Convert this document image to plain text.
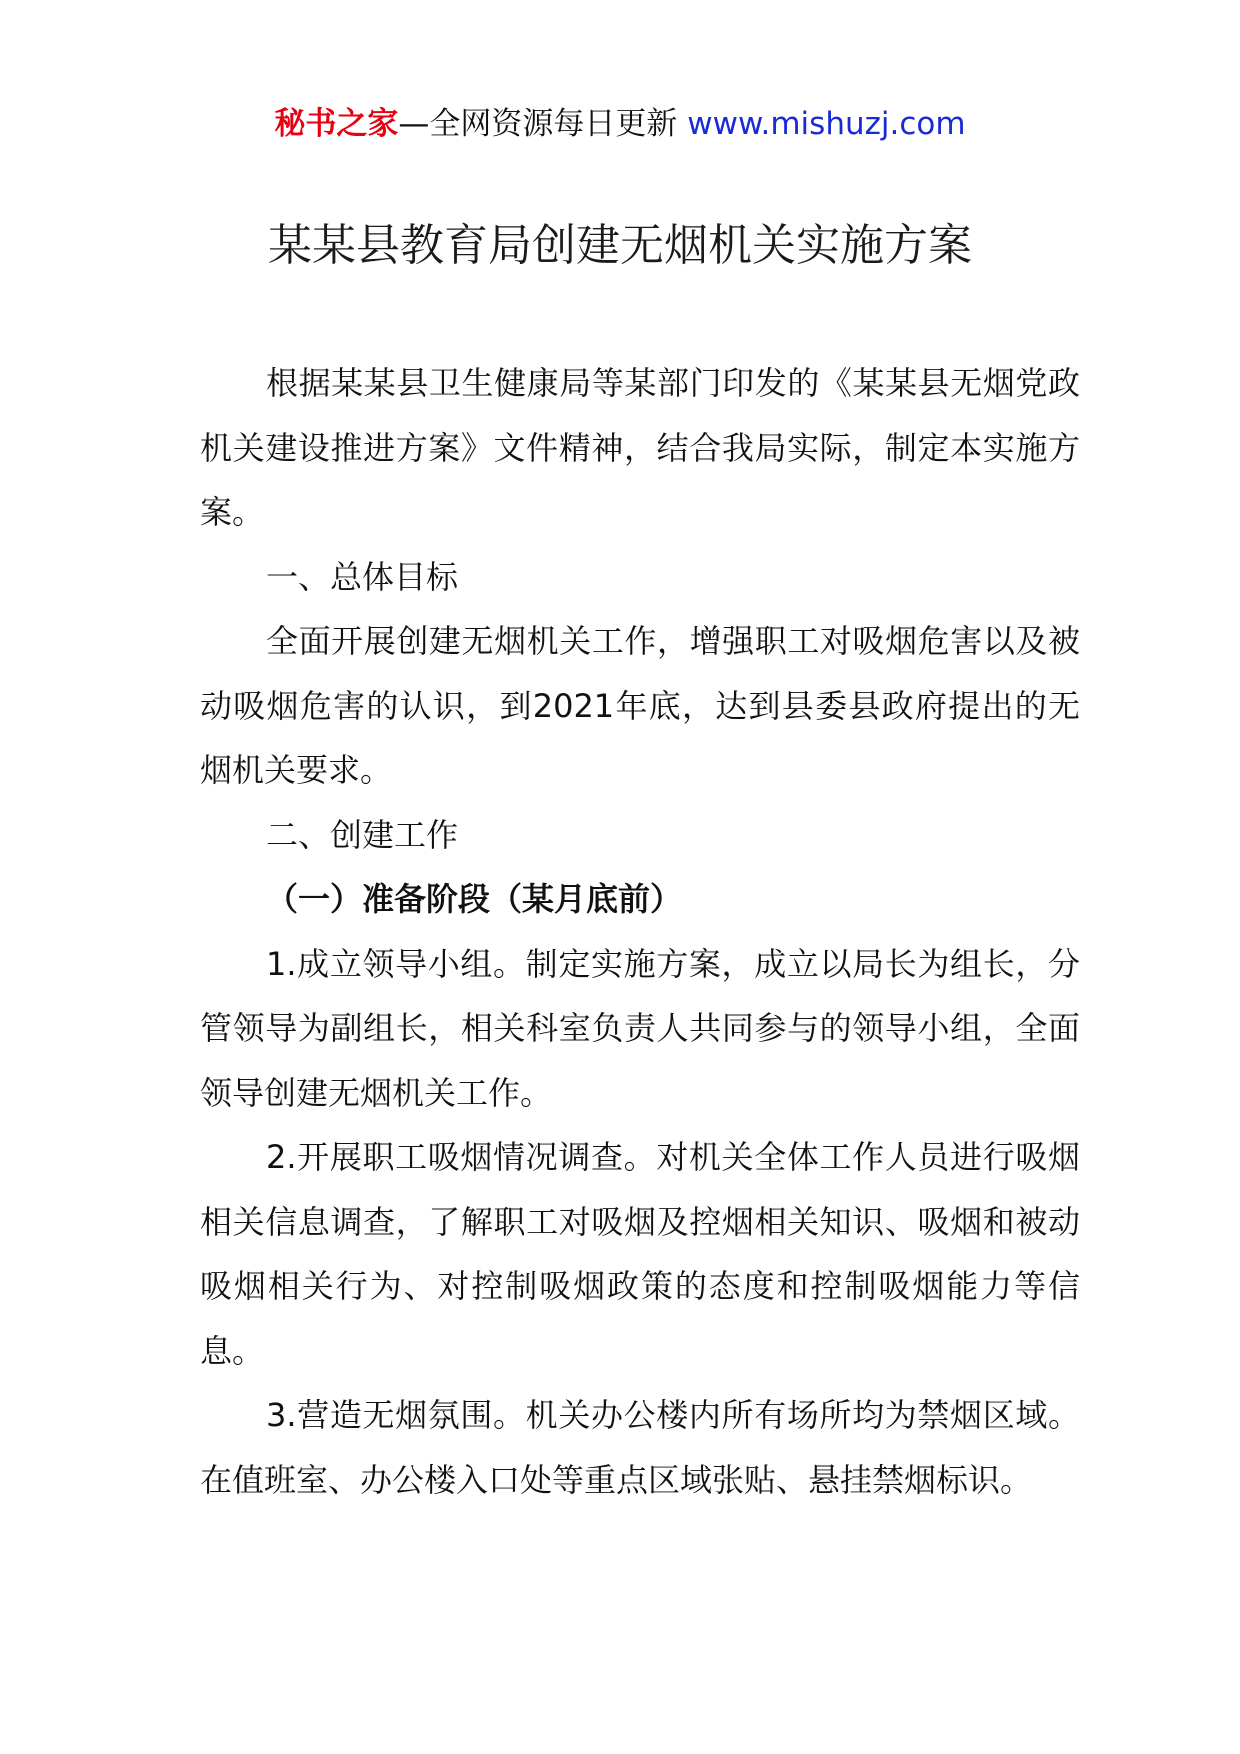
秘书之家—全网资源每日更新 www.mishuzj.com
某某县教育局创建无烟机关实施方案

根据某某县卫生健康局等某部门印发的《某某县无烟党政机关建设推进方案》文件精神，结合我局实际，制定本实施方案。

一、总体目标

全面开展创建无烟机关工作，增强职工对吸烟危害以及被动吸烟危害的认识，到2021年底，达到县委县政府提出的无烟机关要求。

二、创建工作

（一）准备阶段（某月底前）

1.成立领导小组。制定实施方案，成立以局长为组长，分管领导为副组长，相关科室负责人共同参与的领导小组，全面领导创建无烟机关工作。

2.开展职工吸烟情况调查。对机关全体工作人员进行吸烟相关信息调查，了解职工对吸烟及控烟相关知识、吸烟和被动吸烟相关行为、对控制吸烟政策的态度和控制吸烟能力等信息。

3.营造无烟氛围。机关办公楼内所有场所均为禁烟区域。在值班室、办公楼入口处等重点区域张贴、悬挂禁烟标识。
